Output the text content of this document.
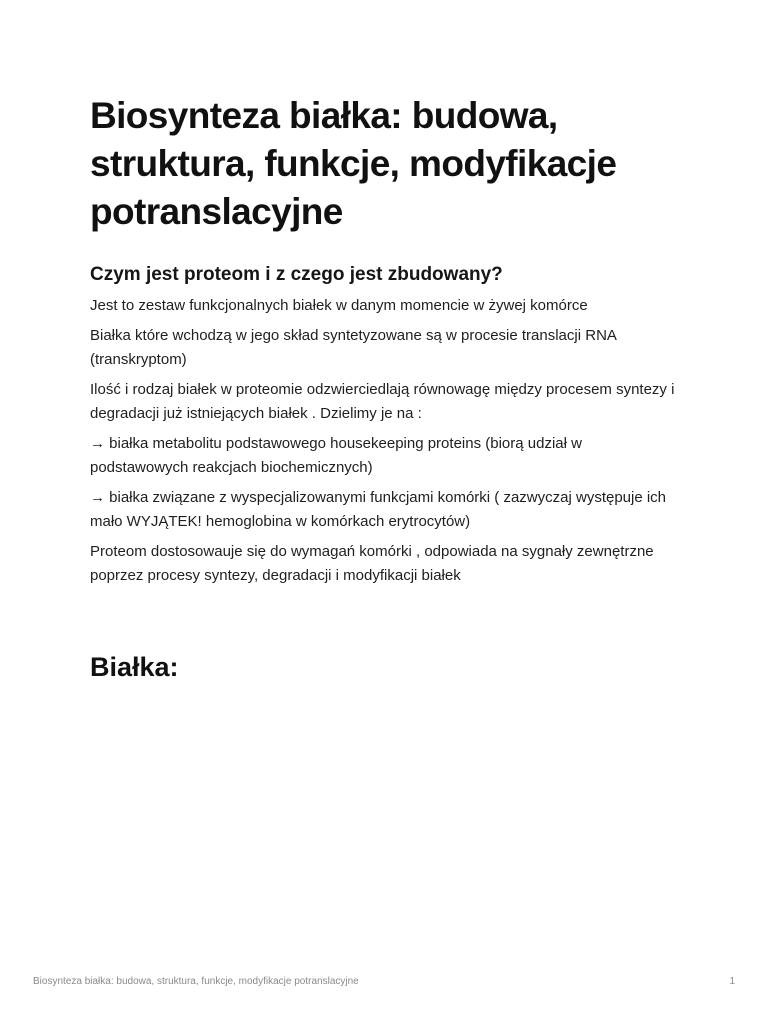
Biosynteza białka: budowa, struktura, funkcje, modyfikacje potranslacyjne
Czym jest proteom i z czego jest zbudowany?

Jest to zestaw funkcjonalnych białek w danym momencie w żywej komórce

Białka które wchodzą w jego skład syntetyzowane są w procesie translacji RNA (transkryptom)

Ilość i rodzaj białek w proteomie odzwierciedlają równowagę między procesem syntezy i degradacji już istniejących białek . Dzielimy je na :

→ białka metabolitu podstawowego housekeeping proteins (biorą udział w podstawowych reakcjach biochemicznych)

→ białka związane z wyspecjalizowanymi funkcjami komórki ( zazwyczaj występuje ich mało WYJĄTEK! hemoglobina w komórkach erytrocytów)

Proteom dostosowauje się do wymagań komórki , odpowiada na sygnały zewnętrzne poprzez procesy syntezy, degradacji i modyfikacji białek

Białka:
Biosynteza białka: budowa, struktura, funkcje, modyfikacje potranslacyjne	1
